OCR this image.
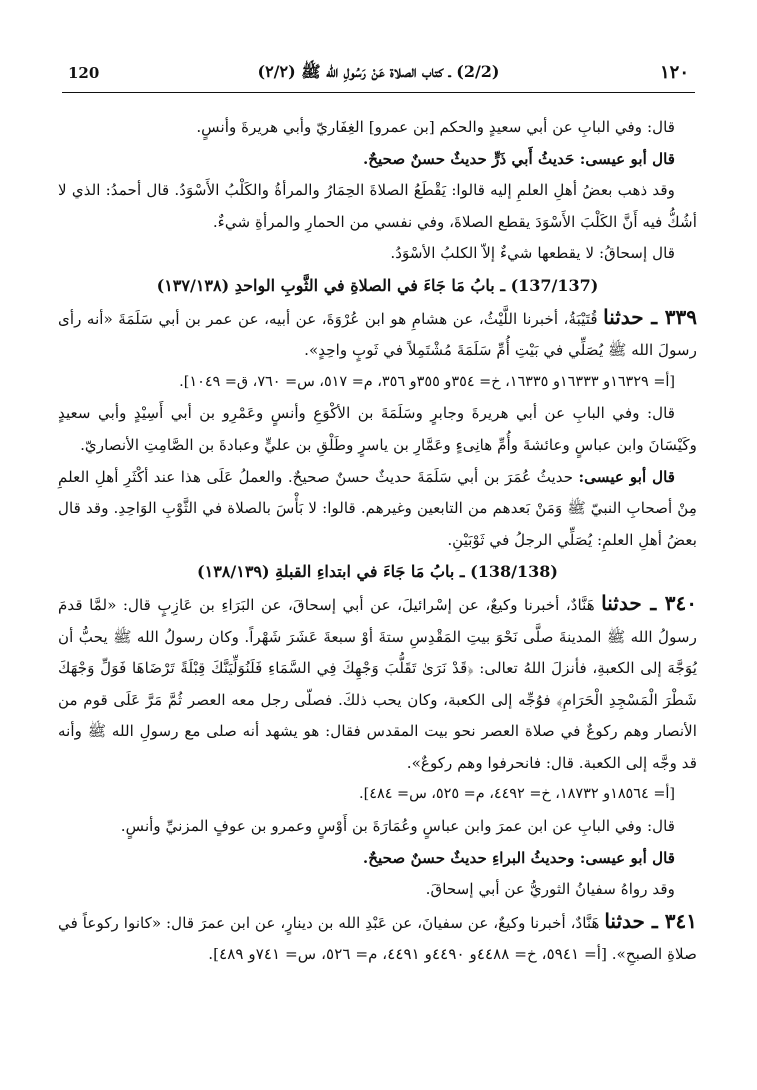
120	(2/2) ـ كتاب الصلاة عَنْ رَسُولِ الله ﷺ (٢/٢)	١٢٠

قال: وفي البابِ عن أبي سعيدٍ والحكم [بن عمرو] الغِفَاريّ وأبي هريرةَ وأنسٍ.

قال أبو عيسى: حَديثُ أَبي ذَرٍّ حديثٌ حسنٌ صحيحٌ.

وقد ذهب بعضُ أهلِ العلمِ إليه قالوا: يَقْطَعُ الصلاةَ الحِمَارُ والمرأةُ والكَلْبُ الأَسْوَدُ. قال أحمدُ: الذي لا أشُكُّ فيه أَنَّ الكَلْبَ الأَسْوَدَ يقطع الصلاةَ، وفي نفسي من الحمارِ والمرأةِ شيءٌ.

قال إسحاقُ: لا يقطعها شيءٌ إلاّ الكلبُ الأسْوَدُ.

(137/137) ـ بابُ مَا جَاءَ في الصلاةِ في الثَّوبِ الواحدِ (١٣٧/١٣٨)

٣٣٩ ـ حدثنا قُتَيْبَةُ، أخبرنا اللَّيْثُ، عن هشامِ هو ابن عُرْوَةَ، عن أبيه، عن عمر بن أبي سَلَمَةَ «أنه رأى رسولَ الله ﷺ يُصَلِّي في بَيْتِ أُمِّ سَلَمَةَ مُشْتَمِلاً في ثَوبٍ واحِدٍ».

[أ= ١٦٣٢٩و ١٦٣٣٣و ١٦٣٣٥، خ= ٣٥٤و ٣٥٥و ٣٥٦، م= ٥١٧، س= ٧٦٠، ق= ١٠٤٩].

قال: وفي البابِ عن أبي هريرةَ وجابرٍ وسَلَمَةَ بن الأكْوَعِ وأنسٍ وعَمْرِو بن أبي أَسِيْدٍ وأبي سعيدٍ وكَيْسَانَ وابن عباسٍ وعائشةَ وأُمِّ هانِىءٍ وعَمَّارِ بن ياسرٍ وطَلْقِ بن عليٍّ وعبادةَ بن الصَّامِتِ الأنصاريّ.

قال أبو عيسى: حديثُ عُمَرَ بن أبي سَلَمَةَ حديثٌ حسنٌ صحيحٌ. والعملُ عَلَى هذا عند أكْثَرِ أهلِ العلمِ مِنْ أصحابِ النبيّ ﷺ وَمَنْ بَعدهم من التابعين وغيرهم. قالوا: لا بَأْسَ بالصلاة في الثَّوْبِ الوَاحِدِ. وقد قال بعضُ أهلِ العلمِ: يُصَلِّي الرجلُ في ثَوْبَيْنِ.

(138/138) ـ بابُ مَا جَاءَ في ابتداءِ القبلةِ (١٣٨/١٣٩)

٣٤٠ ـ حدثنا هَنَّادٌ، أخبرنا وكيعٌ، عن إسْرائيلَ، عن أبي إسحاقَ، عن البَرَاءِ بن عَازِبٍ قال: «لمَّا قدمَ رسولُ الله ﷺ المدينةَ صلَّى نَحْوَ بيتِ المَقْدِسِ ستةَ أوْ سبعةَ عَشَرَ شَهْراً. وكان رسولُ الله ﷺ يحبُّ أن يُوَجَّهَ إلى الكعبةِ، فأنزلَ اللهُ تعالى: ﴿قَدْ نَرَىٰ تَقَلُّبَ وَجْهِكَ فِي السَّمَاءِ فَلَنُوَلِّيَنَّكَ قِبْلَةً تَرْضَاهَا فَوَلِّ وَجْهَكَ شَطْرَ الْمَسْجِدِ الْحَرَامِ﴾ فوُجِّه إلى الكعبة، وكان يحب ذلكَ. فصلّى رجل معه العصر ثُمَّ مَرَّ عَلَى قوم من الأنصار وهم ركوعٌ في صلاة العصر نحو بيت المقدس فقال: هو يشهد أنه صلى مع رسولِ الله ﷺ وأنه قد وجَّه إلى الكعبة. قال: فانحرفوا وهم ركوعٌ».

[أ= ١٨٥٦٤و ١٨٧٣٢، خ= ٤٤٩٢، م= ٥٢٥، س= ٤٨٤].

قال: وفي البابِ عن ابن عمرَ وابن عباسٍ وعُمَارَةَ بن أَوْسٍ وعمرو بن عوفٍ المزنيِّ وأنسٍ.

قال أبو عيسى: وحديثُ البراءِ حديثٌ حسنٌ صحيحٌ.

وقد رواهُ سفيانُ الثوريُّ عن أبي إسحاقَ.

٣٤١ ـ حدثنا هَنَّادٌ، أخبرنا وكيعٌ، عن سفيانَ، عن عَبْدِ الله بن دينارٍ، عن ابن عمرَ قال: «كانوا ركوعاً في صلاةِ الصبحِ». [أ= ٥٩٤١، خ= ٤٤٨٨و ٤٤٩٠و ٤٤٩١، م= ٥٢٦، س= ٧٤١و ٤٨٩].
